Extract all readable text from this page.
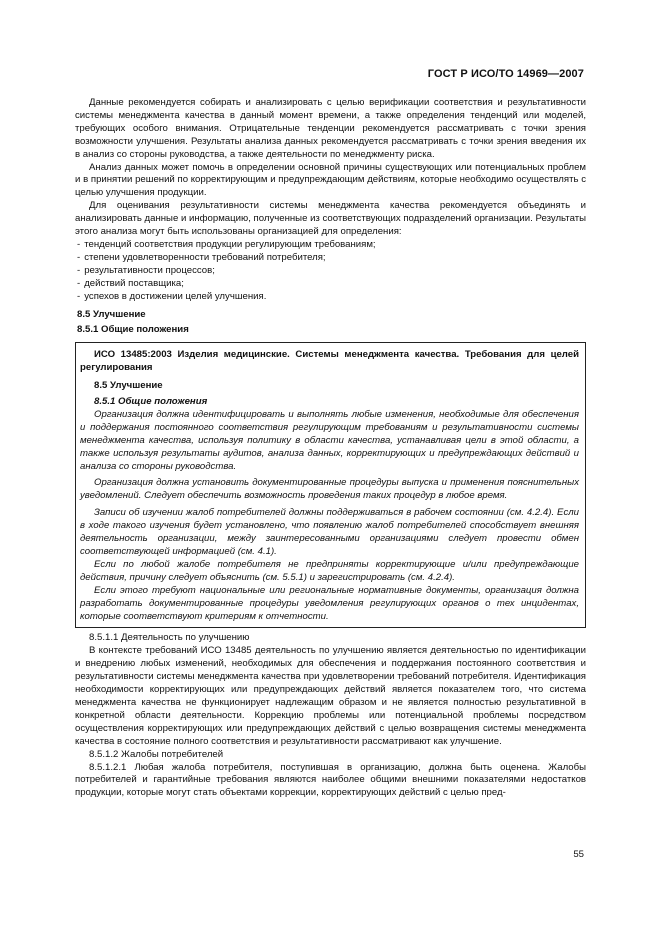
ГОСТ Р ИСО/ТО 14969—2007

Данные рекомендуется собирать и анализировать с целью верификации соответствия и результативности системы менеджмента качества в данный момент времени, а также определения тенденций или моделей, требующих особого внимания. Отрицательные тенденции рекомендуется рассматривать с точки зрения возможности улучшения. Результаты анализа данных рекомендуется рассматривать с точки зрения введения их в анализ со стороны руководства, а также деятельности по менеджменту риска.

Анализ данных может помочь в определении основной причины существующих или потенциальных проблем и в принятии решений по корректирующим и предупреждающим действиям, которые необходимо осуществлять с целью улучшения продукции.

Для оценивания результативности системы менеджмента качества рекомендуется объединять и анализировать данные и информацию, полученные из соответствующих подразделений организации. Результаты этого анализа могут быть использованы организацией для определения:

- тенденций соответствия продукции регулирующим требованиям;

- степени удовлетворенности требований потребителя;

- результативности процессов;

- действий поставщика;

- успехов в достижении целей улучшения.

8.5 Улучшение

8.5.1 Общие положения

ИСО 13485:2003 Изделия медицинские. Системы менеджмента качества. Требования для целей регулирования

8.5 Улучшение

8.5.1 Общие положения

Организация должна идентифицировать и выполнять любые изменения, необходимые для обеспечения и поддержания постоянного соответствия регулирующим требованиям и результативности системы менеджмента качества, используя политику в области качества, устанавливая цели в этой области, а также используя результаты аудитов, анализа данных, корректирующих и предупреждающих действий и анализа со стороны руководства.

Организация должна установить документированные процедуры выпуска и применения пояснительных уведомлений. Следует обеспечить возможность проведения таких процедур в любое время.

Записи об изучении жалоб потребителей должны поддерживаться в рабочем состоянии (см. 4.2.4). Если в ходе такого изучения будет установлено, что появлению жалоб потребителей способствует внешняя деятельность организации, между заинтересованными организациями следует провести обмен соответствующей информацией (см. 4.1).

Если по любой жалобе потребителя не предприняты корректирующие и/или предупреждающие действия, причину следует объяснить (см. 5.5.1) и зарегистрировать (см. 4.2.4).

Если этого требуют национальные или региональные нормативные документы, организация должна разработать документированные процедуры уведомления регулирующих органов о тех инцидентах, которые соответствуют критериям к отчетности.

8.5.1.1 Деятельность по улучшению

В контексте требований ИСО 13485 деятельность по улучшению является деятельностью по идентификации и внедрению любых изменений, необходимых для обеспечения и поддержания постоянного соответствия и результативности системы менеджмента качества при удовлетворении требований потребителя. Идентификация необходимости корректирующих или предупреждающих действий является показателем того, что система менеджмента качества не функционирует надлежащим образом и не является полностью результативной в конкретной области деятельности. Коррекцию проблемы или потенциальной проблемы посредством осуществления корректирующих или предупреждающих действий с целью возвращения системы менеджмента качества в состояние полного соответствия и результативности рассматривают как улучшение.

8.5.1.2 Жалобы потребителей

8.5.1.2.1 Любая жалоба потребителя, поступившая в организацию, должна быть оценена. Жалобы потребителей и гарантийные требования являются наиболее общими внешними показателями недостатков продукции, которые могут стать объектами коррекции, корректирующих действий с целью пред-

55
